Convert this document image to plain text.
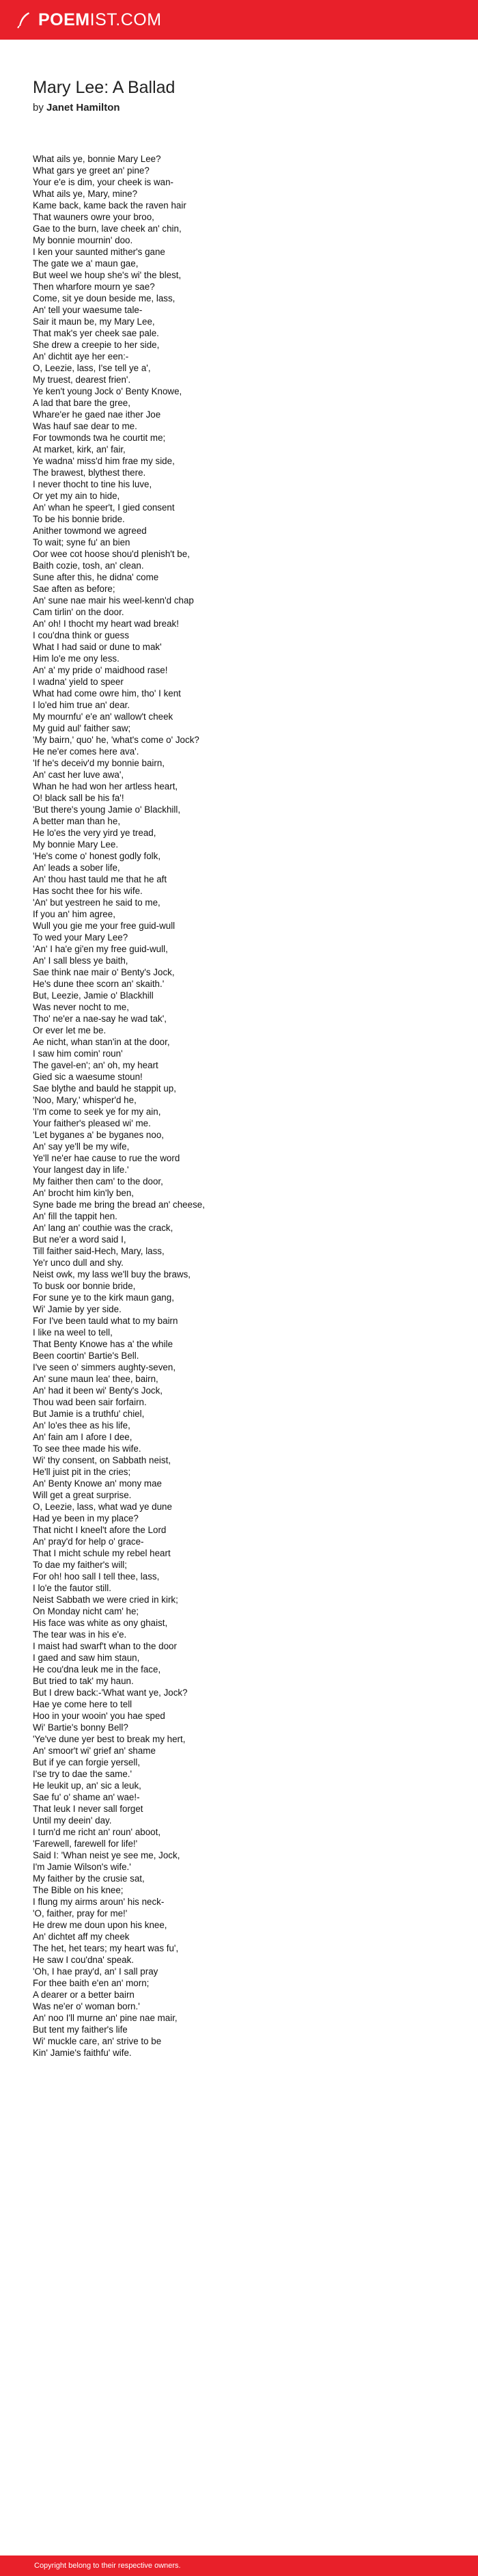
POEMIST.COM
Mary Lee: A Ballad
by Janet Hamilton
What ails ye, bonnie Mary Lee?
What gars ye greet an' pine?
Your e'e is dim, your cheek is wan-
What ails ye, Mary, mine?
Kame back, kame back the raven hair
That wauners owre your broo,
Gae to the burn, lave cheek an' chin,
My bonnie mournin' doo.
I ken your saunted mither's gane
The gate we a' maun gae,
But weel we houp she's wi' the blest,
Then wharfore mourn ye sae?
Come, sit ye doun beside me, lass,
An' tell your waesume tale-
Sair it maun be, my Mary Lee,
That mak's yer cheek sae pale.
She drew a creepie to her side,
An' dichtit aye her een:-
O, Leezie, lass, I'se tell ye a',
My truest, dearest frien'.
Ye ken't young Jock o' Benty Knowe,
A lad that bare the gree,
Whare'er he gaed nae ither Joe
Was hauf sae dear to me.
For towmonds twa he courtit me;
At market, kirk, an' fair,
Ye wadna' miss'd him frae my side,
The brawest, blythest there.
I never thocht to tine his luve,
Or yet my ain to hide,
An' whan he speer't, I gied consent
To be his bonnie bride.
Anither towmond we agreed
To wait; syne fu' an bien
Oor wee cot hoose shou'd plenish't be,
Baith cozie, tosh, an' clean.
Sune after this, he didna' come
Sae aften as before;
An' sune nae mair his weel-kenn'd chap
Cam tirlin' on the door.
An' oh! I thocht my heart wad break!
I cou'dna think or guess
What I had said or dune to mak'
Him lo'e me ony less.
An' a' my pride o' maidhood rase!
I wadna' yield to speer
What had come owre him, tho' I kent
I lo'ed him true an' dear.
My mournfu' e'e an' wallow't cheek
My guid aul' faither saw;
'My bairn,' quo' he, 'what's come o' Jock?
He ne'er comes here ava'.
'If he's deceiv'd my bonnie bairn,
An' cast her luve awa',
Whan he had won her artless heart,
O! black sall be his fa'!
'But there's young Jamie o' Blackhill,
A better man than he,
He lo'es the very yird ye tread,
My bonnie Mary Lee.
'He's come o' honest godly folk,
An' leads a sober life,
An' thou hast tauld me that he aft
Has socht thee for his wife.
'An' but yestreen he said to me,
If you an' him agree,
Wull you gie me your free guid-wull
To wed your Mary Lee?
'An' I ha'e gi'en my free guid-wull,
An' I sall bless ye baith,
Sae think nae mair o' Benty's Jock,
He's dune thee scorn an' skaith.'
But, Leezie, Jamie o' Blackhill
Was never nocht to me,
Tho' ne'er a nae-say he wad tak',
Or ever let me be.
Ae nicht, whan stan'in at the door,
I saw him comin' roun'
The gavel-en'; an' oh, my heart
Gied sic a waesume stoun!
Sae blythe and bauld he stappit up,
'Noo, Mary,' whisper'd he,
'I'm come to seek ye for my ain,
Your faither's pleased wi' me.
'Let byganes a' be byganes noo,
An' say ye'll be my wife,
Ye'll ne'er hae cause to rue the word
Your langest day in life.'
My faither then cam' to the door,
An' brocht him kin'ly ben,
Syne bade me bring the bread an' cheese,
An' fill the tappit hen.
An' lang an' couthie was the crack,
But ne'er a word said I,
Till faither said-Hech, Mary, lass,
Ye'r unco dull and shy.
Neist owk, my lass we'll buy the braws,
To busk oor bonnie bride,
For sune ye to the kirk maun gang,
Wi' Jamie by yer side.
For I've been tauld what to my bairn
I like na weel to tell,
That Benty Knowe has a' the while
Been coortin' Bartie's Bell.
I've seen o' simmers aughty-seven,
An' sune maun lea' thee, bairn,
An' had it been wi' Benty's Jock,
Thou wad been sair forfairn.
But Jamie is a truthfu' chiel,
An' lo'es thee as his life,
An' fain am I afore I dee,
To see thee made his wife.
Wi' thy consent, on Sabbath neist,
He'll juist pit in the cries;
An' Benty Knowe an' mony mae
Will get a great surprise.
O, Leezie, lass, what wad ye dune
Had ye been in my place?
That nicht I kneel't afore the Lord
An' pray'd for help o' grace-
That I micht schule my rebel heart
To dae my faither's will;
For oh! hoo sall I tell thee, lass,
I lo'e the fautor still.
Neist Sabbath we were cried in kirk;
On Monday nicht cam' he;
His face was white as ony ghaist,
The tear was in his e'e.
I maist had swarf't whan to the door
I gaed and saw him staun,
He cou'dna leuk me in the face,
But tried to tak' my haun.
But I drew back:-'What want ye, Jock?
Hae ye come here to tell
Hoo in your wooin' you hae sped
Wi' Bartie's bonny Bell?
'Ye've dune yer best to break my hert,
An' smoor't wi' grief an' shame
But if ye can forgie yersell,
I'se try to dae the same.'
He leukit up, an' sic a leuk,
Sae fu' o' shame an' wae!-
That leuk I never sall forget
Until my deein' day.
I turn'd me richt an' roun' aboot,
'Farewell, farewell for life!'
Said I: 'Whan neist ye see me, Jock,
I'm Jamie Wilson's wife.'
My faither by the crusie sat,
The Bible on his knee;
I flung my airms aroun' his neck-
'O, faither, pray for me!'
He drew me doun upon his knee,
An' dichtet aff my cheek
The het, het tears; my heart was fu',
He saw I cou'dna' speak.
'Oh, I hae pray'd, an' I sall pray
For thee baith e'en an' morn;
A dearer or a better bairn
Was ne'er o' woman born.'
An' noo I'll murne an' pine nae mair,
But tent my faither's life
Wi' muckle care, an' strive to be
Kin' Jamie's faithfu' wife.
Copyright belong to their respective owners.
